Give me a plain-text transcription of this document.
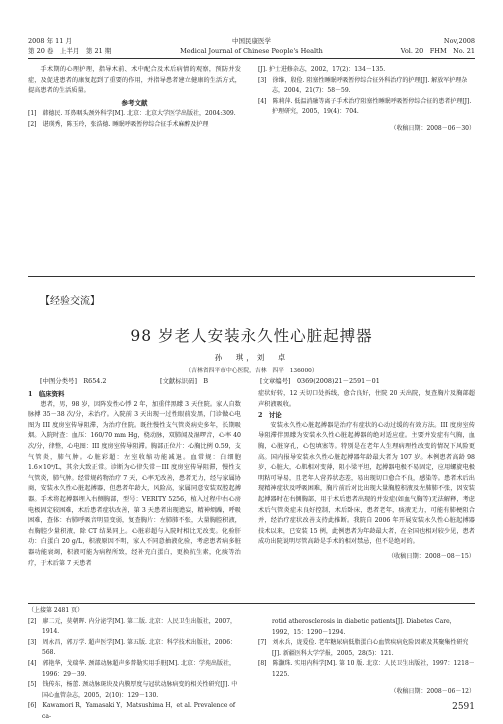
2008 年 11 月	中国民康医学	Nov,2008
第 20 卷　上半月　第 21 期	Medical Journal of Chinese People's Health	Vol. 20　FHM　No. 21

手术期的心理护理，指导术前、术中配合及术后病情的观察，预防并发症，及促进患者的康复起到了重要的作用，并指导患者建立健康的生活方式，提高患者的生活质量。

参考文献

[1]　韩德民. 耳鼻咽头颈外科学[M]. 北京：北京大学医学出版社，2004:309.

[2]　谌瑛秀，陈玉玲，张浩德. 睡眠呼吸暂停综合征手术麻醉及护理

[J]. 护士进修杂志，2002，17(2)：134－135.

[3]　徐维，殷俭. 阻塞性睡眠呼吸暂停综合征外科治疗的护理[J]. 解放军护理杂志，2004，21(7)：58－59.

[4]　陈莉萍. 低温消融等离子手术治疗阻塞性睡眠呼吸暂停综合征的患者护理[J]. 护理研究，2005，19(4)：704.

（收稿日期：2008－06－30）

【经验交流】
98 岁老人安装永久性心脏起搏器
孙　琪，刘　卓
（吉林省四平市中心医院，吉林　四平　136000）
[中图分类号]　R654.2	[文献标识码]　B	[文章编号]　0369(2008)21－2591－01
1　临床资料

患者，男，98 岁，因阵发性心悸 2 年，加重伴黑矇 3 天住院。家人自数脉搏 35－38 次/分，未治疗。入院前 3 天出现一过性眼前发黑，门诊做心电图为 III 度房室传导阻滞，为治疗住院。既往慢性支气管炎病史多年，长期吸烟。入院时查：血压：160/70 mm Hg，桡动脉，双肺闻及湿啰音，心率 40 次/分，律整，心电图：III 度房室传导阻滞。胸部正位片：心胸比例 0.59，支气管炎，肺气肿。心脏彩超：左室收缩功能减退。血常规：白细胞 1.6×10⁹/L，其余大致正常。诊断为心律失常－III 度房室传导阻滞，慢性支气管炎，肺气肿。经常规药物治疗 7 天，心率无改善，患者无力，经与家属协商，安装永久性心脏起搏器，但患者年龄大，风险高，家属同意安装双腔起搏器。手术将起搏器埋入右侧胸部，型号：VERITY 5256，植入过程中右心房电极固定较困难，术后患者症状改善，第 3 天患者出现谵妄，精神烦躁，呼吸困难，查体：右肺呼吸音明显变弱，复查胸片：左肺肺不张，大量胸腔积液，右胸腔少量积液，除 CT 结果同上。心脏彩超与入院时相比无改变。化验肝功：白蛋白 20 g/L，积液原因不明，家人不同意抽液化验，考虑患者病多脏器功能衰竭，积液可能为病程所致，经补充白蛋白，更换抗生素，化痰等治疗，于术后第 7 天患者

症状好转，12 天切口处拆线，愈合良好，住院 20 天出院，复查胸片及胸部超声积液吸收。

2　讨论

安装永久性心脏起搏器是治疗有症状的心动过缓的有效方法。III 度房室传导阻滞伴黑矇为安装永久性心脏起搏器的绝对适应症。主要并发症有气胸，血胸，心脏穿孔，心包填塞等。特别是在老年人生理病理性改变的情况下风险更高。国内报导安装永久性心脏起搏器年龄最大者为 107 岁。本例患者高龄 98 岁，心脏大，心肌相对变薄，阻小梁平坦，起搏器电极不易固定，应用螺旋电极明粘可导易，且老年人营养状态差，易出现切口愈合不良，感染等。患者术后出现精神症状及呼吸困难，胸片前后对比出现大量胸腔积液及左肺肺不张，因安装起搏器时在右侧胸部，用于术后患者出现的并发症(如血气胸等)无法解释，考虑术后气管炎症未良好控制，术后卧床，患者老年，痰液无力，可能有肺梗阻合并，经治疗症状改善支持此推断。我院自 2006 年开展安装永久性心脏起搏器技术以来，已安装 15 例，此例患者为年龄最大者，在全国也相对较少见，患者成功出院说明尽管高龄是手术的相对禁忌，但不是绝对的。

（收稿日期：2008－08－15）

（上接第 2481 页）

[2]　廖二元，莫朝晖. 内分泌学[M]. 第二版. 北京：人民卫生出版社，2007，1914.

[3]　周永昌，郭万学. 超声医学[M]. 第五版. 北京：科学技术出版社，2006：568.

[4]　郭艳华，戈瑞华. 颈部动脉超声多普勒实用手册[M]. 北京：学苑出版社，1996：29－39.

[5]　钱传东，杨蕾. 颈动脉斑块及内膜厚度与冠状动脉病变的相关性研究[J]. 中国心血管杂志，2005，2(10)：129－130.

[6]　Kawamori R，Yamasaki Y，Matsushima H，et al. Prevalence of ca-

rotid atherosclerosis in diabetic patients[J]. Diabetes Care，1992，15：1290－1294.

[7]　刘永兵，庞爱俭. 老年糖尿病低脂蛋白心血管疾病危险因素及其聚集性研究[J]. 新疆医科大学学报，2005，28(5)：121.

[8]　陈灏珠. 实用内科学[M]. 第 10 版. 北京：人民卫生出版社，1997：1218－1225.

（收稿日期：2008－06－12）

2591
